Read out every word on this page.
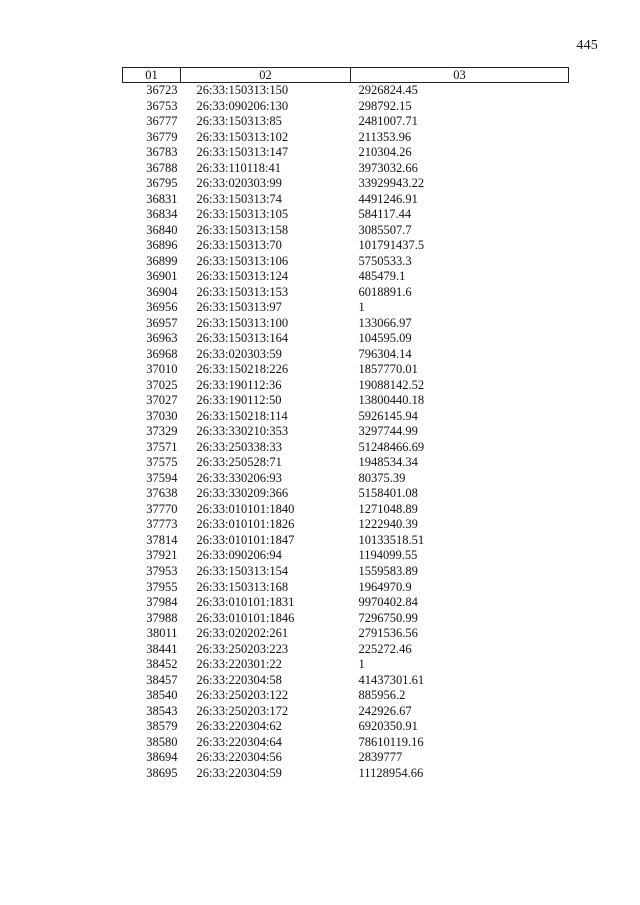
445
01	02	03
36723	26:33:150313:150	2926824.45
36753	26:33:090206:130	298792.15
36777	26:33:150313:85	2481007.71
36779	26:33:150313:102	211353.96
36783	26:33:150313:147	210304.26
36788	26:33:110118:41	3973032.66
36795	26:33:020303:99	33929943.22
36831	26:33:150313:74	4491246.91
36834	26:33:150313:105	584117.44
36840	26:33:150313:158	3085507.7
36896	26:33:150313:70	101791437.5
36899	26:33:150313:106	5750533.3
36901	26:33:150313:124	485479.1
36904	26:33:150313:153	6018891.6
36956	26:33:150313:97	1
36957	26:33:150313:100	133066.97
36963	26:33:150313:164	104595.09
36968	26:33:020303:59	796304.14
37010	26:33:150218:226	1857770.01
37025	26:33:190112:36	19088142.52
37027	26:33:190112:50	13800440.18
37030	26:33:150218:114	5926145.94
37329	26:33:330210:353	3297744.99
37571	26:33:250338:33	51248466.69
37575	26:33:250528:71	1948534.34
37594	26:33:330206:93	80375.39
37638	26:33:330209:366	5158401.08
37770	26:33:010101:1840	1271048.89
37773	26:33:010101:1826	1222940.39
37814	26:33:010101:1847	10133518.51
37921	26:33:090206:94	1194099.55
37953	26:33:150313:154	1559583.89
37955	26:33:150313:168	1964970.9
37984	26:33:010101:1831	9970402.84
37988	26:33:010101:1846	7296750.99
38011	26:33:020202:261	2791536.56
38441	26:33:250203:223	225272.46
38452	26:33:220301:22	1
38457	26:33:220304:58	41437301.61
38540	26:33:250203:122	885956.2
38543	26:33:250203:172	242926.67
38579	26:33:220304:62	6920350.91
38580	26:33:220304:64	78610119.16
38694	26:33:220304:56	2839777
38695	26:33:220304:59	11128954.66
